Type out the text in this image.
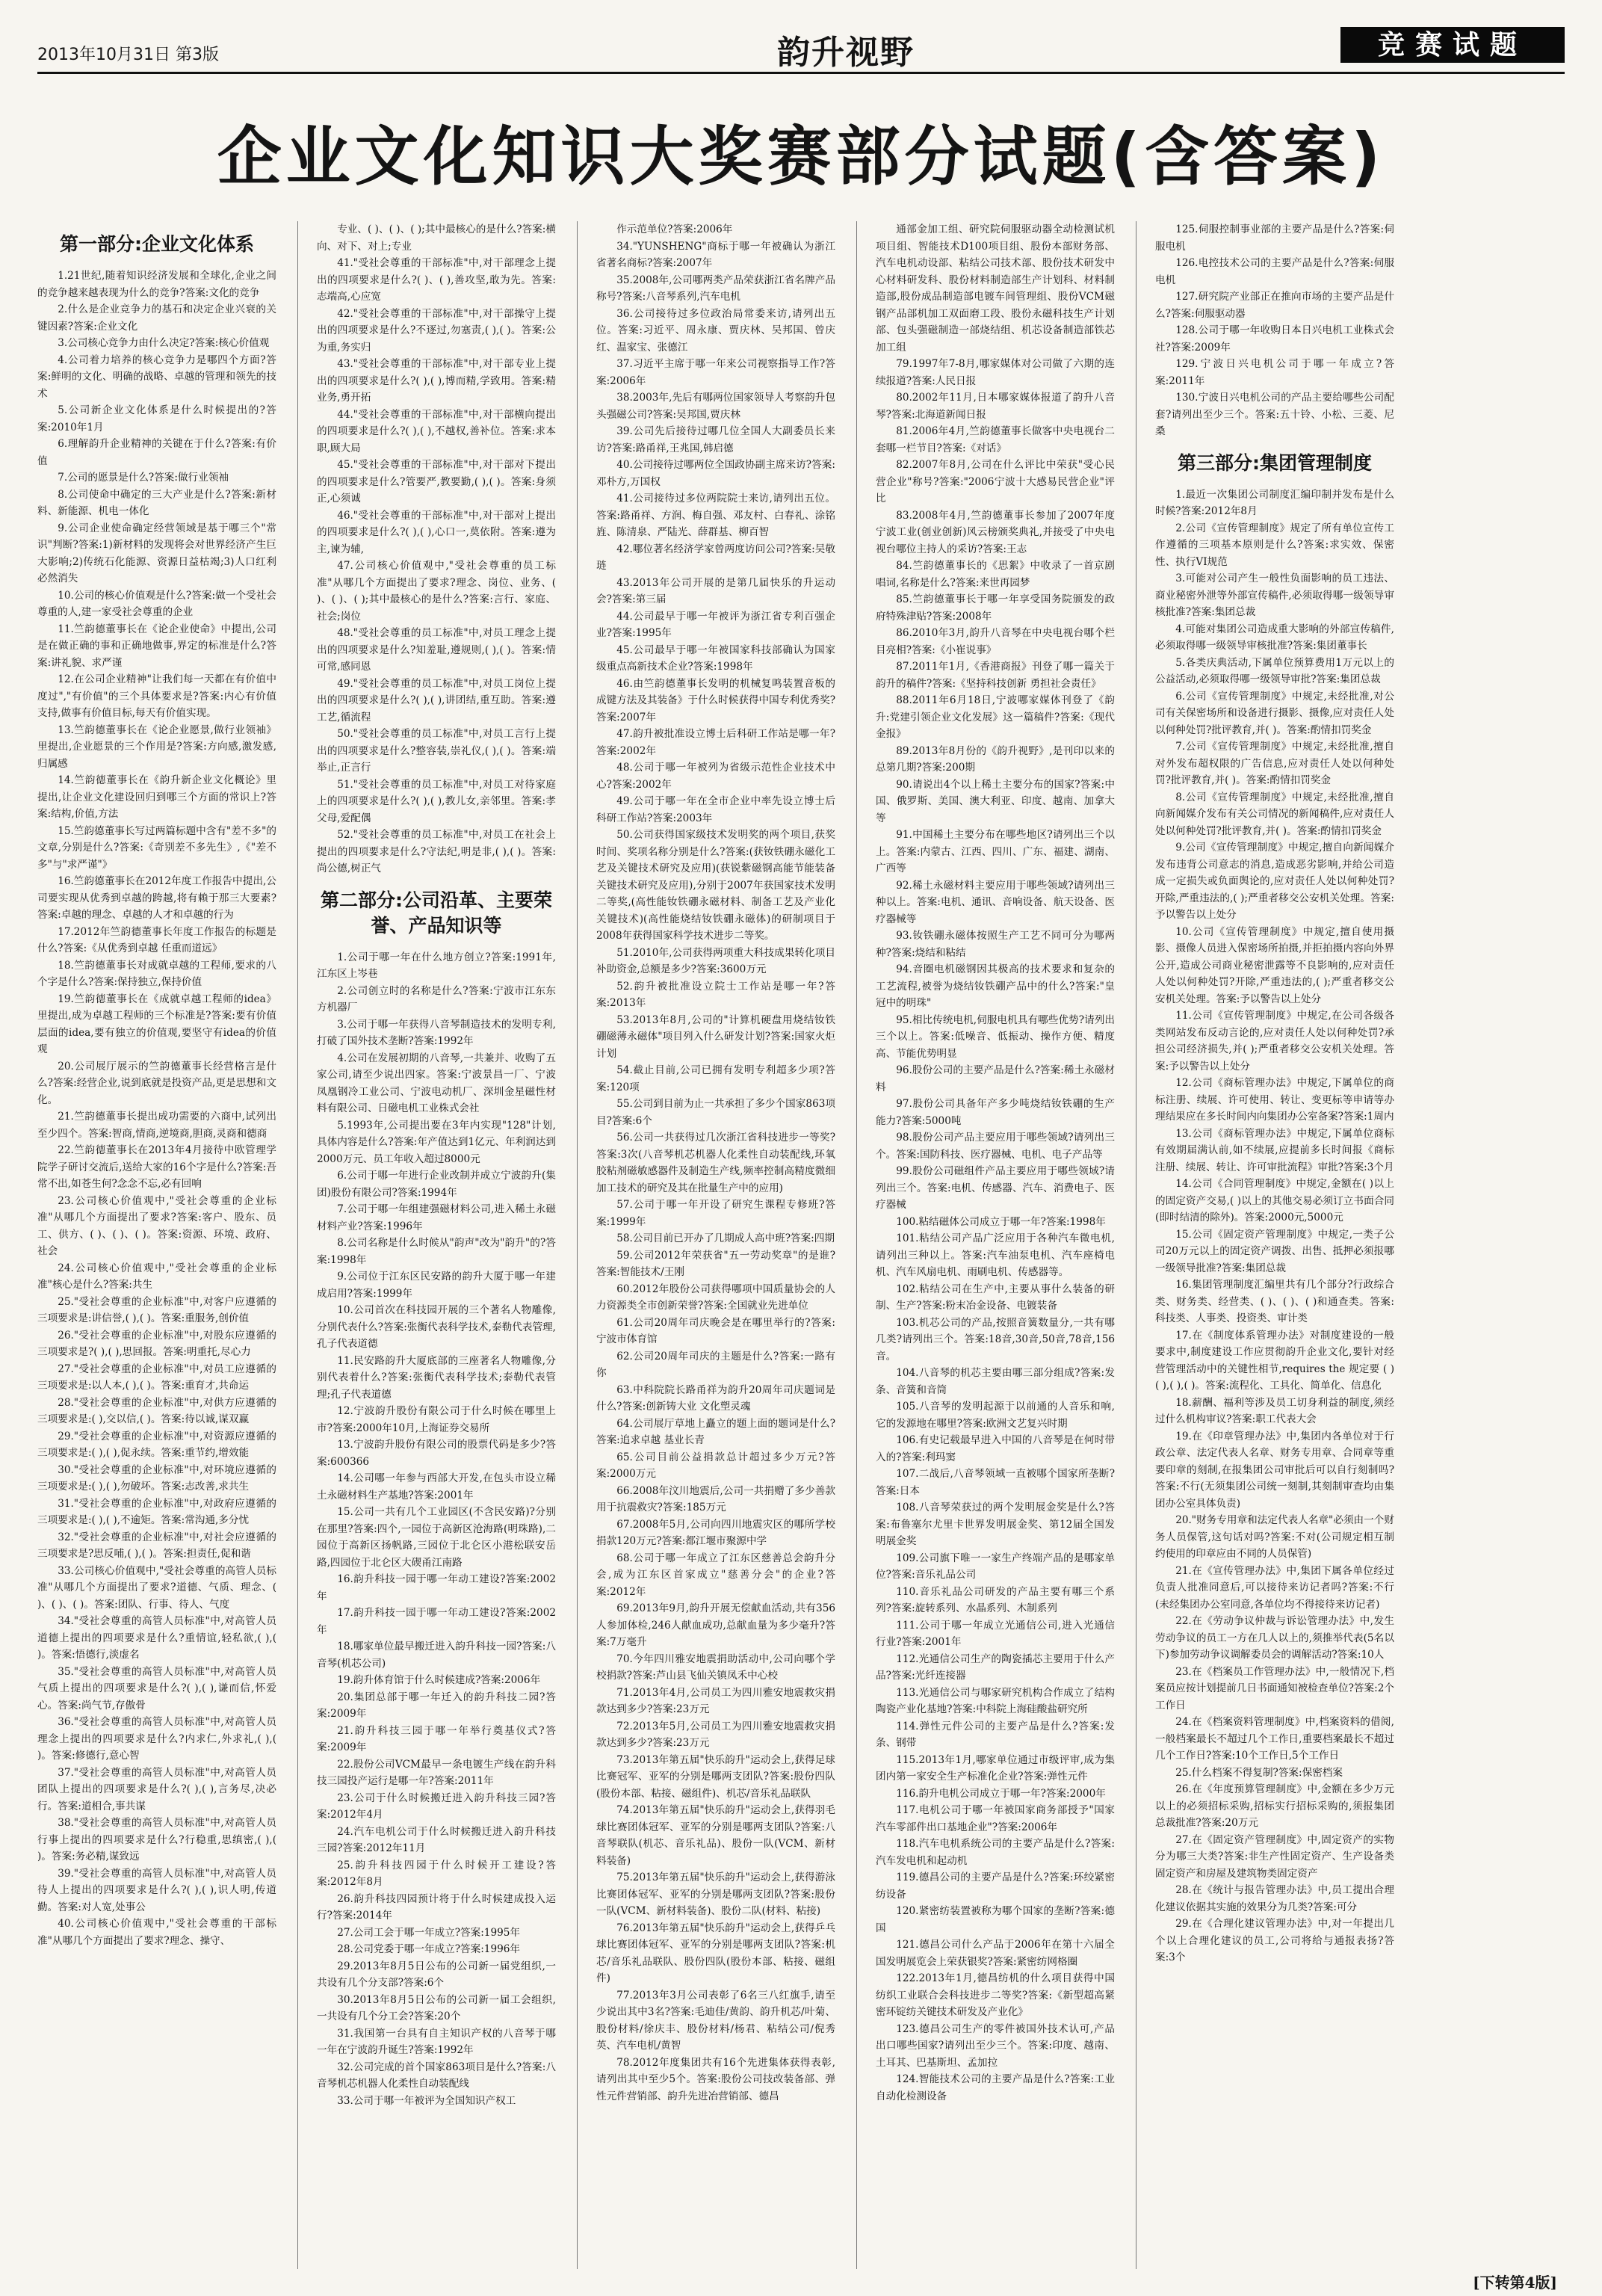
2013年10月31日 第3版	韵升视野	竞赛试题
企业文化知识大奖赛部分试题(含答案)
第一部分:企业文化体系

1.21世纪,随着知识经济发展和全球化,企业之间的竞争越来越表现为什么的竞争?答案:文化的竞争

2.什么是企业竞争力的基石和决定企业兴衰的关键因素?答案:企业文化

3.公司核心竞争力由什么决定?答案:核心价值观

4.公司着力培养的核心竞争力是哪四个方面?答案:鲜明的文化、明确的战略、卓越的管理和领先的技术

5.公司新企业文化体系是什么时候提出的?答案:2010年1月

6.理解韵升企业精神的关键在于什么?答案:有价值

7.公司的愿景是什么?答案:做行业领袖

8.公司使命中确定的三大产业是什么?答案:新材料、新能源、机电一体化

9.公司企业使命确定经营领域是基于哪三个"常识"判断?答案:1)新材料的发现将会对世界经济产生巨大影响;2)传统石化能源、资源日益枯竭;3)人口红利必然消失

10.公司的核心价值观是什么?答案:做一个受社会尊重的人,建一家受社会尊重的企业

11.竺韵德董事长在《论企业使命》中提出,公司是在做正确的事和正确地做事,界定的标准是什么?答案:讲礼貌、求严谨

12.在公司企业精神"让我们每一天都在有价值中度过","有价值"的三个具体要求是?答案:内心有价值支持,做事有价值目标,每天有价值实现。

13.竺韵德董事长在《论企业愿景,做行业领袖》里提出,企业愿景的三个作用是?答案:方向感,激发感,归属感

14.竺韵德董事长在《韵升新企业文化概论》里提出,让企业文化建设回归到哪三个方面的常识上?答案:结构,价值,方法

15.竺韵德董事长写过两篇标题中含有"差不多"的文章,分别是什么?答案:《奇别差不多先生》,《"差不多"与"求严谨"》

16.竺韵德董事长在2012年度工作报告中提出,公司要实现从优秀到卓越的跨越,将有赖于那三大要素?答案:卓越的理念、卓越的人才和卓越的行为

17.2012年竺韵德董事长年度工作报告的标题是什么?答案:《从优秀到卓越 任重而道远》

18.竺韵德董事长对成就卓越的工程师,要求的八个字是什么?答案:保持独立,保持价值

19.竺韵德董事长在《成就卓越工程师的idea》里提出,成为卓越工程师的三个标准是?答案:要有价值层面的idea,要有独立的价值观,要坚守有idea的价值观

20.公司展厅展示的竺韵德董事长经营格言是什么?答案:经营企业,说到底就是投资产品,更是思想和文化。

21.竺韵德董事长提出成功需要的六商中,试列出至少四个。答案:智商,情商,逆境商,胆商,灵商和德商

22.竺韵德董事长在2013年4月接待中欧管理学院学子研讨交流后,送给大家的16个字是什么?答案:吾常不出,如苍生何?念念不忘,必有回响

23.公司核心价值观中,"受社会尊重的企业标准"从哪几个方面提出了要求?答案:客户、股东、员工、供方、( )、( )、( )。答案:资源、环境、政府、社会

24.公司核心价值观中,"受社会尊重的企业标准"核心是什么?答案:共生

25."受社会尊重的企业标准"中,对客户应遵循的三项要求是:讲信誉,( ),( )。答案:重服务,创价值

26."受社会尊重的企业标准"中,对股东应遵循的三项要求是?( ),( ),思回报。答案:明重托,尽心力

27."受社会尊重的企业标准"中,对员工应遵循的三项要求是:以人本,( ),( )。答案:重育才,共命运

28."受社会尊重的企业标准"中,对供方应遵循的三项要求是:( ),交以信,( )。答案:待以诚,谋双赢

29."受社会尊重的企业标准"中,对资源应遵循的三项要求是:( ),( ),促永续。答案:重节约,增效能

30."受社会尊重的企业标准"中,对环境应遵循的三项要求是:( ),( ),勿破坏。答案:志改善,求共生

31."受社会尊重的企业标准"中,对政府应遵循的三项要求是:( ),( ),不逾矩。答案:常沟通,多分忧

32."受社会尊重的企业标准"中,对社会应遵循的三项要求是?思反哺,( ),( )。答案:担责任,促和谐

33.公司核心价值观中,"受社会尊重的高管人员标准"从哪几个方面提出了要求?道德、气质、理念、( )、( )、( )。答案:团队、行事、待人、气度

34."受社会尊重的高管人员标准"中,对高管人员道德上提出的四项要求是什么?重情谊,轻私欲,( ),( )。答案:悟德行,淡虚名

35."受社会尊重的高管人员标准"中,对高管人员气质上提出的四项要求是什么?( ),( ),谦而信,怀爱心。答案:尚气节,存傲骨

36."受社会尊重的高管人员标准"中,对高管人员理念上提出的四项要求是什么?内求仁,外求礼,( ),( )。答案:修德行,意心智

37."受社会尊重的高管人员标准"中,对高管人员团队上提出的四项要求是什么?( ),( ),言务尽,决必行。答案:道相合,事共谋

38."受社会尊重的高管人员标准"中,对高管人员行事上提出的四项要求是什么?行稳重,思缜密,( ),( )。答案:务必精,谋致远

39."受社会尊重的高管人员标准"中,对高管人员待人上提出的四项要求是什么?( ),( ),识人明,传道勤。答案:对人宽,处事公

40.公司核心价值观中,"受社会尊重的干部标准"从哪几个方面提出了要求?理念、操守、

专业、( )、( )、( );其中最核心的是什么?答案:横向、对下、对上;专业

41."受社会尊重的干部标准"中,对干部理念上提出的四项要求是什么?( )、( ),善攻坚,敢为先。答案:志端高,心应宽

42."受社会尊重的干部标准"中,对干部操守上提出的四项要求是什么?不逐过,勿塞责,( ),( )。答案:公为重,务实归

43."受社会尊重的干部标准"中,对干部专业上提出的四项要求是什么?( ),( ),博而精,学致用。答案:精业务,勇开拓

44."受社会尊重的干部标准"中,对干部横向提出的四项要求是什么?( ),( ),不越权,善补位。答案:求本职,顾大局

45."受社会尊重的干部标准"中,对干部对下提出的四项要求是什么?管要严,教要勤,( ),( )。答案:身须正,心须诚

46."受社会尊重的干部标准"中,对干部对上提出的四项要求是什么?( ),( ),心口一,莫依附。答案:遵为主,谏为辅,

47.公司核心价值观中,"受社会尊重的员工标准"从哪几个方面提出了要求?理念、岗位、业务、( )、( )、( );其中最核心的是什么?答案:言行、家庭、社会;岗位

48."受社会尊重的员工标准"中,对员工理念上提出的四项要求是什么?知羞耻,遵规则,( ),( )。答案:情可常,感同恩

49."受社会尊重的员工标准"中,对员工岗位上提出的四项要求是什么?( ),( ),讲团结,重互助。答案:遵工艺,循流程

50."受社会尊重的员工标准"中,对员工言行上提出的四项要求是什么?整容装,崇礼仪,( ),( )。答案:端举止,正言行

51."受社会尊重的员工标准"中,对员工对待家庭上的四项要求是什么?( ),( ),教儿女,亲邻里。答案:孝父母,爱配偶

52."受社会尊重的员工标准"中,对员工在社会上提出的四项要求是什么?守法纪,明是非,( ),( )。答案:尚公德,树正气

第二部分:公司沿革、主要荣誉、产品知识等

1.公司于哪一年在什么地方创立?答案:1991年,江东区上岑巷

2.公司创立时的名称是什么?答案:宁波市江东东方机器厂

3.公司于哪一年获得八音琴制造技术的发明专利,打破了国外技术垄断?答案:1992年

4.公司在发展初期的八音琴,一共兼并、收购了五家公司,请至少说出四家。答案:宁波景昌一厂、宁波凤凰钢冷工业公司、宁波电动机厂、深圳金星磁性材料有限公司、日磁电机工业株式会社

5.1993年,公司提出要在3年内实现"128"计划,具体内容是什么?答案:年产值达到1亿元、年利润达到2000万元、员工年收入超过8000元

6.公司于哪一年进行企业改制并成立宁波韵升(集团)股份有限公司?答案:1994年

7.公司于哪一年组建强磁材料公司,进入稀土永磁材料产业?答案:1996年

8.公司名称是什么时候从"韵声"改为"韵升"的?答案:1998年

9.公司位于江东区民安路的韵升大厦于哪一年建成启用?答案:1999年

10.公司首次在科技园开展的三个著名人物雕像,分别代表什么?答案:张衡代表科学技术,泰勒代表管理,孔子代表道德

11.民安路韵升大厦底部的三座著名人物雕像,分别代表着什么?答案:张衡代表科学技术;泰勒代表管理;孔子代表道德

12.宁波韵升股份有限公司于什么时候在哪里上市?答案:2000年10月,上海证券交易所

13.宁波韵升股份有限公司的股票代码是多少?答案:600366

14.公司哪一年参与西部大开发,在包头市设立稀土永磁材料生产基地?答案:2001年

15.公司一共有几个工业园区(不含民安路)?分别在那里?答案:四个,一园位于高新区沧海路(明珠路),二园位于高新区扬帆路,三园位于北仑区小港松联安岳路,四园位于北仑区大碶甬江南路

16.韵升科技一园于哪一年动工建设?答案:2002年

17.韵升科技一园于哪一年动工建设?答案:2002年

18.哪家单位最早搬迁进入韵升科技一园?答案:八音琴(机芯公司)

19.韵升体育馆于什么时候建成?答案:2006年

20.集团总部于哪一年迁入的韵升科技二园?答案:2009年

21.韵升科技三园于哪一年举行奠基仪式?答案:2009年

22.股份公司VCM最早一条电镀生产线在韵升科技三园投产运行是哪一年?答案:2011年

23.公司于什么时候搬迁进入韵升科技三园?答案:2012年4月

24.汽车电机公司于什么时候搬迁进入韵升科技三园?答案:2012年11月

25.韵升科技四园于什么时候开工建设?答案:2012年8月

26.韵升科技四园预计将于什么时候建成投入运行?答案:2014年

27.公司工会于哪一年成立?答案:1995年

28.公司党委于哪一年成立?答案:1996年

29.2013年8月5日公布的公司新一届党组织,一共设有几个分支部?答案:6个

30.2013年8月5日公布的公司新一届工会组织,一共设有几个分工会?答案:20个

31.我国第一台具有自主知识产权的八音琴于哪一年在宁波韵升诞生?答案:1992年

32.公司完成的首个国家863项目是什么?答案:八音琴机芯机器人化柔性自动装配线

33.公司于哪一年被评为全国知识产权工

作示范单位?答案:2006年

34."YUNSHENG"商标于哪一年被确认为浙江省著名商标?答案:2007年

35.2008年,公司哪两类产品荣获浙江省名牌产品称号?答案:八音琴系列,汽车电机

36.公司接待过多位政治局常委来访,请列出五位。答案:习近平、周永康、贾庆林、吴邦国、曾庆红、温家宝、张德江

37.习近平主席于哪一年来公司视察指导工作?答案:2006年

38.2003年,先后有哪两位国家领导人考察韵升包头强磁公司?答案:吴邦国,贾庆林

39.公司先后接待过哪几位全国人大副委员长来访?答案:路甬祥,王兆国,韩启德

40.公司接待过哪两位全国政协副主席来访?答案:邓朴方,万国权

41.公司接待过多位两院院士来访,请列出五位。答案:路甬祥、方润、梅自强、邓友村、白春礼、涂铭旌、陈清泉、严陆光、薛群基、柳百智

42.哪位著名经济学家曾两度访问公司?答案:吴敬琏

43.2013年公司开展的是第几届快乐的升运动会?答案:第三届

44.公司最早于哪一年被评为浙江省专利百强企业?答案:1995年

45.公司最早于哪一年被国家科技部确认为国家级重点高新技术企业?答案:1998年

46.由竺韵德董事长发明的机械复鸣装置音板的成键方法及其装备》于什么时候获得中国专利优秀奖?答案:2007年

47.韵升被批准设立博士后科研工作站是哪一年?答案:2002年

48.公司于哪一年被列为省级示范性企业技术中心?答案:2002年

49.公司于哪一年在全市企业中率先设立博士后科研工作站?答案:2003年

50.公司获得国家级技术发明奖的两个项目,获奖时间、奖项名称分别是什么?答案:(获钕铁硼永磁化工艺及关键技术研究及应用)(获锐紫磁钢高能节能装备关键技术研究及应用),分别于2007年获国家技术发明二等奖,(高性能钕铁硼永磁材料、制备工艺及产业化关键技术)(高性能烧结钕铁硼永磁体)的研制项目于2008年获得国家科学技术进步二等奖。

51.2010年,公司获得两项重大科技成果转化项目补助资金,总额是多少?答案:3600万元

52.韵升被批准设立院士工作站是哪一年?答案:2013年

53.2013年8月,公司的"计算机硬盘用烧结钕铁硼磁薄永磁体"项目列入什么研发计划?答案:国家火炬计划

54.截止目前,公司已拥有发明专利超多少项?答案:120项

55.公司到目前为止一共承担了多少个国家863项目?答案:6个

56.公司一共获得过几次浙江省科技进步一等奖?答案:3次(八音琴机芯机器人化柔性自动装配线,环氧胶粘剂磁敏感器件及制造生产线,频率控制高精度微细加工技术的研究及其在批量生产中的应用)

57.公司于哪一年开设了研究生课程专修班?答案:1999年

58.公司目前已开办了几期成人高中班?答案:四期

59.公司2012年荣获省"五一劳动奖章"的是谁?答案:智能技术/王刚

60.2012年股份公司获得哪项中国质量协会的人力资源类全市创新荣誉?答案:全国就业先进单位

61.公司20周年司庆晚会是在哪里举行的?答案:宁波市体育馆

62.公司20周年司庆的主题是什么?答案:一路有你

63.中科院院长路甬祥为韵升20周年司庆题词是什么?答案:创新铸大业 文化塑灵魂

64.公司展厅草地上矗立的题上面的题词是什么?答案:追求卓越 基业长青

65.公司目前公益捐款总计超过多少万元?答案:2000万元

66.2008年汶川地震后,公司一共捐赠了多少善款用于抗震救灾?答案:185万元

67.2008年5月,公司向四川地震灾区的哪所学校捐款120万元?答案:都江堰市聚源中学

68.公司于哪一年成立了江东区慈善总会韵升分会,成为江东区首家成立"慈善分会"的企业?答案:2012年

69.2013年9月,韵升开展无偿献血活动,共有356人参加体检,246人献血成功,总献血量为多少毫升?答案:7万毫升

70.今年四川雅安地震捐助活动中,公司向哪个学校捐款?答案:芦山县飞仙关镇凤禾中心校

71.2013年4月,公司员工为四川雅安地震救灾捐款达到多少?答案:23万元

72.2013年5月,公司员工为四川雅安地震救灾捐款达到多少?答案:23万元

73.2013年第五届"快乐韵升"运动会上,获得足球比赛冠军、亚军的分别是哪两支团队?答案:股份四队(股份本部、粘接、磁组件)、机芯/音乐礼品联队

74.2013年第五届"快乐韵升"运动会上,获得羽毛球比赛团体冠军、亚军的分别是哪两支团队?答案:八音琴联队(机芯、音乐礼品)、股份一队(VCM、新材料装备)

75.2013年第五届"快乐韵升"运动会上,获得游泳比赛团体冠军、亚军的分别是哪两支团队?答案:股份一队(VCM、新材料装备)、股份二队(材料、粘接)

76.2013年第五届"快乐韵升"运动会上,获得乒乓球比赛团体冠军、亚军的分别是哪两支团队?答案:机芯/音乐礼品联队、股份四队(股份本部、粘接、磁组件)

77.2013年3月公司表彰了6名三八红旗手,请至少说出其中3名?答案:毛迪佳/黄韵、韵升机芯/叶菊、股份材料/徐庆丰、股份材料/杨君、粘结公司/倪秀英、汽车电机/黄智

78.2012年度集团共有16个先进集体获得表彰,请列出其中至少5个。答案:股份公司技改装备部、弹性元件营销部、韵升先进冶营销部、德昌

通部金加工组、研究院伺服驱动器全动检测试机项目组、智能技术D100项目组、股份本部财务部、汽车电机动设部、粘结公司技术部、股份技术研发中心材料研发科、股份材料制造部生产计划科、材料制造部,股份成品制造部电镀车间管理组、股份VCM磁钢产品部机加工双面磨工段、股份永磁科技生产计划部、包头强磁制造一部烧结组、机芯设备制造部铁芯加工组

79.1997年7-8月,哪家媒体对公司做了六期的连续报道?答案:人民日报

80.2002年11月,日本哪家媒体报道了韵升八音琴?答案:北海道新闻日报

81.2006年4月,竺韵德董事长做客中央电视台二套哪一栏节目?答案:《对话》

82.2007年8月,公司在什么评比中荣获"受心民营企业"称号?答案:"2006宁波十大感易民营企业"评比

83.2008年4月,竺韵德董事长参加了2007年度宁波工业(创业创新)风云榜颁奖典礼,并接受了中央电视台哪位主持人的采访?答案:王志

84.竺韵德董事长的《思絮》中收录了一首京剧唱词,名称是什么?答案:来世再园梦

85.竺韵德董事长于哪一年享受国务院颁发的政府特殊津贴?答案:2008年

86.2010年3月,韵升八音琴在中央电视台哪个栏目亮相?答案:《小崔说事》

87.2011年1月,《香港商报》刊登了哪一篇关于韵升的稿件?答案:《坚持科技创新 勇担社会责任》

88.2011年6月18日,宁波哪家媒体刊登了《韵升:党建引领企业文化发展》这一篇稿件?答案:《现代金报》

89.2013年8月份的《韵升视野》,是刊印以来的总第几期?答案:200期

90.请说出4个以上稀土主要分布的国家?答案:中国、俄罗斯、美国、澳大利亚、印度、越南、加拿大等

91.中国稀土主要分布在哪些地区?请列出三个以上。答案:内蒙古、江西、四川、广东、福建、湖南、广西等

92.稀土永磁材料主要应用于哪些领域?请列出三种以上。答案:电机、通讯、音响设备、航天设备、医疗器械等

93.钕铁硼永磁体按照生产工艺不同可分为哪两种?答案:烧结和粘结

94.音圈电机磁钢因其极高的技术要求和复杂的工艺流程,被誉为烧结钕铁硼产品中的什么?答案:"皇冠中的明珠"

95.相比传统电机,伺服电机具有哪些优势?请列出三个以上。答案:低噪音、低振动、操作方便、精度高、节能优势明显

96.股份公司的主要产品是什么?答案:稀土永磁材料

97.股份公司具备年产多少吨烧结钕铁硼的生产能力?答案:5000吨

98.股份公司产品主要应用于哪些领域?请列出三个。答案:国防科技、医疗器械、电机、电子产品等

99.股份公司磁组件产品主要应用于哪些领域?请列出三个。答案:电机、传感器、汽车、消费电子、医疗器械

100.粘结磁体公司成立于哪一年?答案:1998年

101.粘结公司产品广泛应用于各种汽车微电机,请列出三种以上。答案:汽车油泵电机、汽车座椅电机、汽车风扇电机、雨刷电机、传感器等。

102.粘结公司在生产中,主要从事什么装备的研制、生产?答案:粉末冶金设备、电镀装备

103.机芯公司的产品,按照音簧数量分,一共有哪几类?请列出三个。答案:18音,30音,50音,78音,156音。

104.八音琴的机芯主要由哪三部分组成?答案:发条、音簧和音筒

105.八音琴的发明起源于以前通的人音乐和响,它的发源地在哪里?答案:欧洲文艺复兴时期

106.有史记载最早进入中国的八音琴是在何时带入的?答案:利玛窦

107.二战后,八音琴领域一直被哪个国家所垄断?答案:日本

108.八音琴荣获过的两个发明展金奖是什么?答案:布鲁塞尔尤里卡世界发明展金奖、第12届全国发明展金奖

109.公司旗下唯一一家生产终端产品的是哪家单位?答案:音乐礼品公司

110.音乐礼品公司研发的产品主要有哪三个系列?答案:旋转系列、水晶系列、木制系列

111.公司于哪一年成立光通信公司,进入光通信行业?答案:2001年

112.光通信公司生产的陶瓷插芯主要用于什么产品?答案:光纤连接器

113.光通信公司与哪家研究机构合作成立了结构陶瓷产业化基地?答案:中科院上海硅酸盐研究所

114.弹性元件公司的主要产品是什么?答案:发条、钢带

115.2013年1月,哪家单位通过市级评审,成为集团内第一家安全生产标准化企业?答案:弹性元件

116.韵升电机公司成立于哪一年?答案:2000年

117.电机公司于哪一年被国家商务部授予"国家汽车零部件出口基地企业"?答案:2006年

118.汽车电机系统公司的主要产品是什么?答案:汽车发电机和起动机

119.德昌公司的主要产品是什么?答案:环绞紧密纺设备

120.紧密纺装置被称为哪个国家的垄断?答案:德国

121.德昌公司什么产品于2006年在第十六届全国发明展览会上荣获银奖?答案:紧密纺网格圈

122.2013年1月,德昌纺机的什么项目获得中国纺织工业联合会科技进步二等奖?答案:《新型超高紧密环锭纺关键技术研发及产业化》

123.德昌公司生产的零件被国外技术认可,产品出口哪些国家?请列出至少三个。答案:印度、越南、土耳其、巴基斯坦、孟加拉

124.智能技术公司的主要产品是什么?答案:工业自动化检测设备

125.伺服控制事业部的主要产品是什么?答案:伺服电机

126.电控技术公司的主要产品是什么?答案:伺服电机

127.研究院产业部正在推向市场的主要产品是什么?答案:伺服驱动器

128.公司于哪一年收购日本日兴电机工业株式会社?答案:2009年

129.宁波日兴电机公司于哪一年成立?答案:2011年

130.宁波日兴电机公司的产品主要给哪些公司配套?请列出至少三个。答案:五十铃、小松、三菱、尼桑

第三部分:集团管理制度

1.最近一次集团公司制度汇编印制并发布是什么时候?答案:2012年8月

2.公司《宣传管理制度》规定了所有单位宣传工作遵循的三项基本原则是什么?答案:求实效、保密性、执行VI规范

3.可能对公司产生一般性负面影响的员工违法、商业秘密外泄等外部宣传稿件,必须取得哪一级领导审核批准?答案:集团总裁

4.可能对集团公司造成重大影响的外部宣传稿件,必须取得哪一级领导审核批准?答案:集团董事长

5.各类庆典活动,下属单位预算费用1万元以上的公益活动,必须取得哪一级领导审批?答案:集团总裁

6.公司《宣传管理制度》中规定,未经批准,对公司有关保密场所和设备进行摄影、摄像,应对责任人处以何种处罚?批评教育,并( )。答案:酌情扣罚奖金

7.公司《宣传管理制度》中规定,未经批准,擅自对外发布超权限的广告信息,应对责任人处以何种处罚?批评教育,并( )。答案:酌情扣罚奖金

8.公司《宣传管理制度》中规定,未经批准,擅自向新闻媒介发布有关公司情况的新闻稿件,应对责任人处以何种处罚?批评教育,并( )。答案:酌情扣罚奖金

9.公司《宣传管理制度》中规定,擅自向新闻媒介发布违背公司意志的消息,造成恶劣影响,并给公司造成一定损失或负面舆论的,应对责任人处以何种处罚?开除,严重违法的,( );严重者移交公安机关处理。答案:予以警告以上处分

10.公司《宣传管理制度》中规定,擅自使用摄影、摄像人员进入保密场所拍摄,并拒拍摄内容向外界公开,造成公司商业秘密泄露等不良影响的,应对责任人处以何种处罚?开除,严重违法的,( );严重者移交公安机关处理。答案:予以警告以上处分

11.公司《宣传管理制度》中规定,在公司各级各类网站发布反动言论的,应对责任人处以何种处罚?承担公司经济损失,并( );严重者移交公安机关处理。答案:予以警告以上处分

12.公司《商标管理办法》中规定,下属单位的商标注册、续展、许可使用、转让、变更标等申请等办理结果应在多长时间内向集团办公室备案?答案:1周内

13.公司《商标管理办法》中规定,下属单位商标有效期届满认前,如不续展,应提前多长时间报《商标注册、续展、转让、许可审批流程》审批?答案:3个月

14.公司《合同管理制度》中规定,金额在( )以上的固定资产交易,( )以上的其他交易必须订立书面合同(即时结清的除外)。答案:2000元,5000元

15.公司《固定资产管理制度》中规定,一类子公司20万元以上的固定资产调拨、出售、抵押必须报哪一级领导批准?答案:集团总裁

16.集团管理制度汇编里共有几个部分?行政综合类、财务类、经营类、( )、( )、( )和通查类。答案:科技类、人事类、投资类、审计类

17.在《制度体系管理办法》对制度建设的一般要求中,制度建设工作应贯彻韵升企业文化,要针对经营管理活动中的关键性相节,requires the 规定要 ( )( ),( ),( )。答案:流程化、工具化、简单化、信息化

18.薪酬、福利等涉及员工切身利益的制度,须经过什么机构审议?答案:职工代表大会

19.在《印章管理办法》中,集团内各单位对于行政公章、法定代表人名章、财务专用章、合同章等重要印章的刻制,在报集团公司审批后可以自行刻制吗?答案:不行(无须集团公司统一刻制,其刻制审查均由集团办公室具体负责)

20."财务专用章和法定代表人名章"必须由一个财务人员保管,这句话对吗?答案:不对(公司规定相互制约使用的印章应由不同的人员保管)

21.在《宣传管理办法》中,集团下属各单位经过负责人批准同意后,可以接待来访记者吗?答案:不行(未经集团办公室同意,各单位均不得接待来访记者)

22.在《劳动争议仲裁与诉讼管理办法》中,发生劳动争议的员工一方在几人以上的,须推举代表(5名以下)参加劳动争议调解委员会的调解活动?答案:10人

23.在《档案员工作管理办法》中,一般情况下,档案员应按计划提前几日书面通知被检查单位?答案:2个工作日

24.在《档案资料管理制度》中,档案资料的借阅,一般档案最长不超过几个工作日,重要档案最长不超过几个工作日?答案:10个工作日,5个工作日

25.什么档案不得复制?答案:保密档案

26.在《年度预算管理制度》中,金额在多少万元以上的必须招标采购,招标实行招标采购的,须报集团总裁批准?答案:20万元

27.在《固定资产管理制度》中,固定资产的实物分为哪三大类?答案:非生产性固定资产、生产设备类固定资产和房屋及建筑物类固定资产

28.在《统计与报告管理办法》中,员工提出合理化建议依据其实施的效果分为几类?答案:可分

29.在《合理化建议管理办法》中,对一年提出几个以上合理化建议的员工,公司将给与通报表扬?答案:3个

[下转第4版]
